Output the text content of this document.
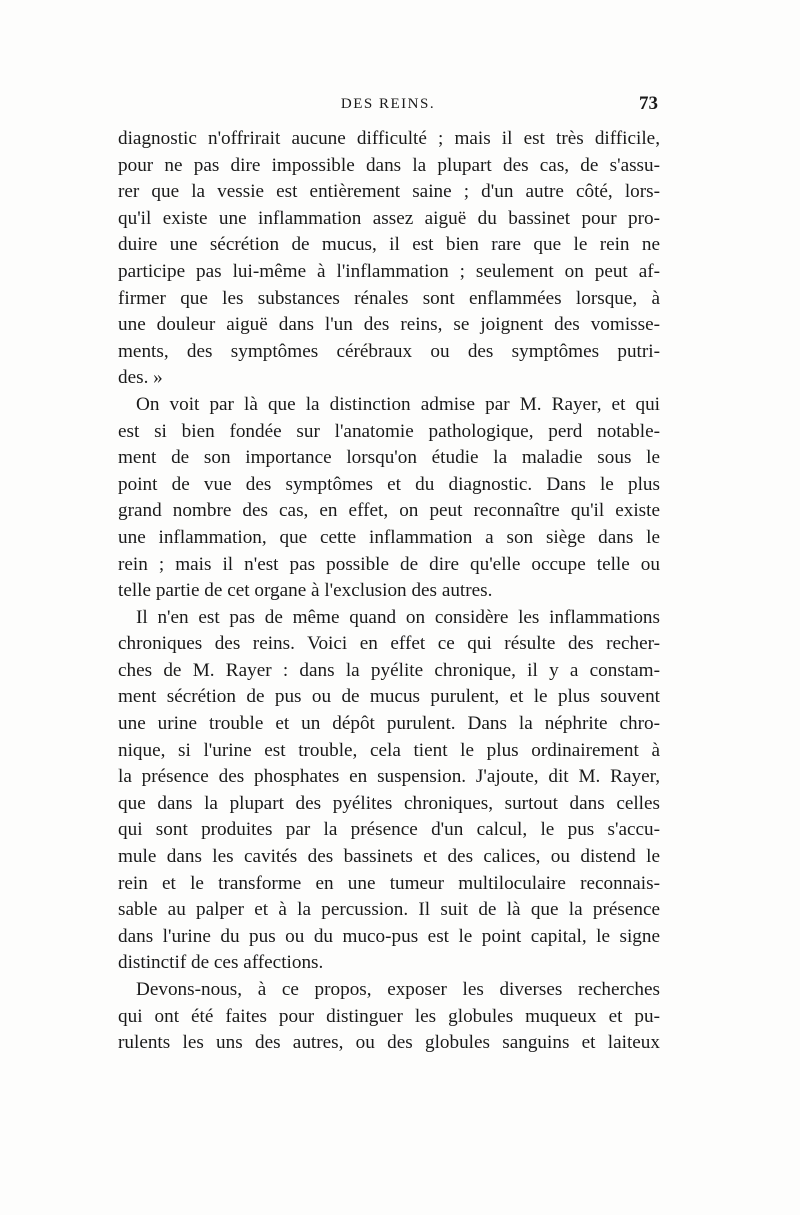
DES REINS.	73
diagnostic n'offrirait aucune difficulté ; mais il est très difficile,
pour ne pas dire impossible dans la plupart des cas, de s'assu-
rer que la vessie est entièrement saine ; d'un autre côté, lors-
qu'il existe une inflammation assez aiguë du bassinet pour pro-
duire une sécrétion de mucus, il est bien rare que le rein ne
participe pas lui-même à l'inflammation ; seulement on peut af-
firmer que les substances rénales sont enflammées lorsque, à
une douleur aiguë dans l'un des reins, se joignent des vomisse-
ments, des symptômes cérébraux ou des symptômes putri-
des. »
On voit par là que la distinction admise par M. Rayer, et qui
est si bien fondée sur l'anatomie pathologique, perd notable-
ment de son importance lorsqu'on étudie la maladie sous le
point de vue des symptômes et du diagnostic. Dans le plus
grand nombre des cas, en effet, on peut reconnaître qu'il existe
une inflammation, que cette inflammation a son siège dans le
rein ; mais il n'est pas possible de dire qu'elle occupe telle ou
telle partie de cet organe à l'exclusion des autres.
Il n'en est pas de même quand on considère les inflammations
chroniques des reins. Voici en effet ce qui résulte des recher-
ches de M. Rayer : dans la pyélite chronique, il y a constam-
ment sécrétion de pus ou de mucus purulent, et le plus souvent
une urine trouble et un dépôt purulent. Dans la néphrite chro-
nique, si l'urine est trouble, cela tient le plus ordinairement à
la présence des phosphates en suspension. J'ajoute, dit M. Rayer,
que dans la plupart des pyélites chroniques, surtout dans celles
qui sont produites par la présence d'un calcul, le pus s'accu-
mule dans les cavités des bassinets et des calices, ou distend le
rein et le transforme en une tumeur multiloculaire reconnais-
sable au palper et à la percussion. Il suit de là que la présence
dans l'urine du pus ou du muco-pus est le point capital, le signe
distinctif de ces affections.
Devons-nous, à ce propos, exposer les diverses recherches
qui ont été faites pour distinguer les globules muqueux et pu-
rulents les uns des autres, ou des globules sanguins et laiteux
